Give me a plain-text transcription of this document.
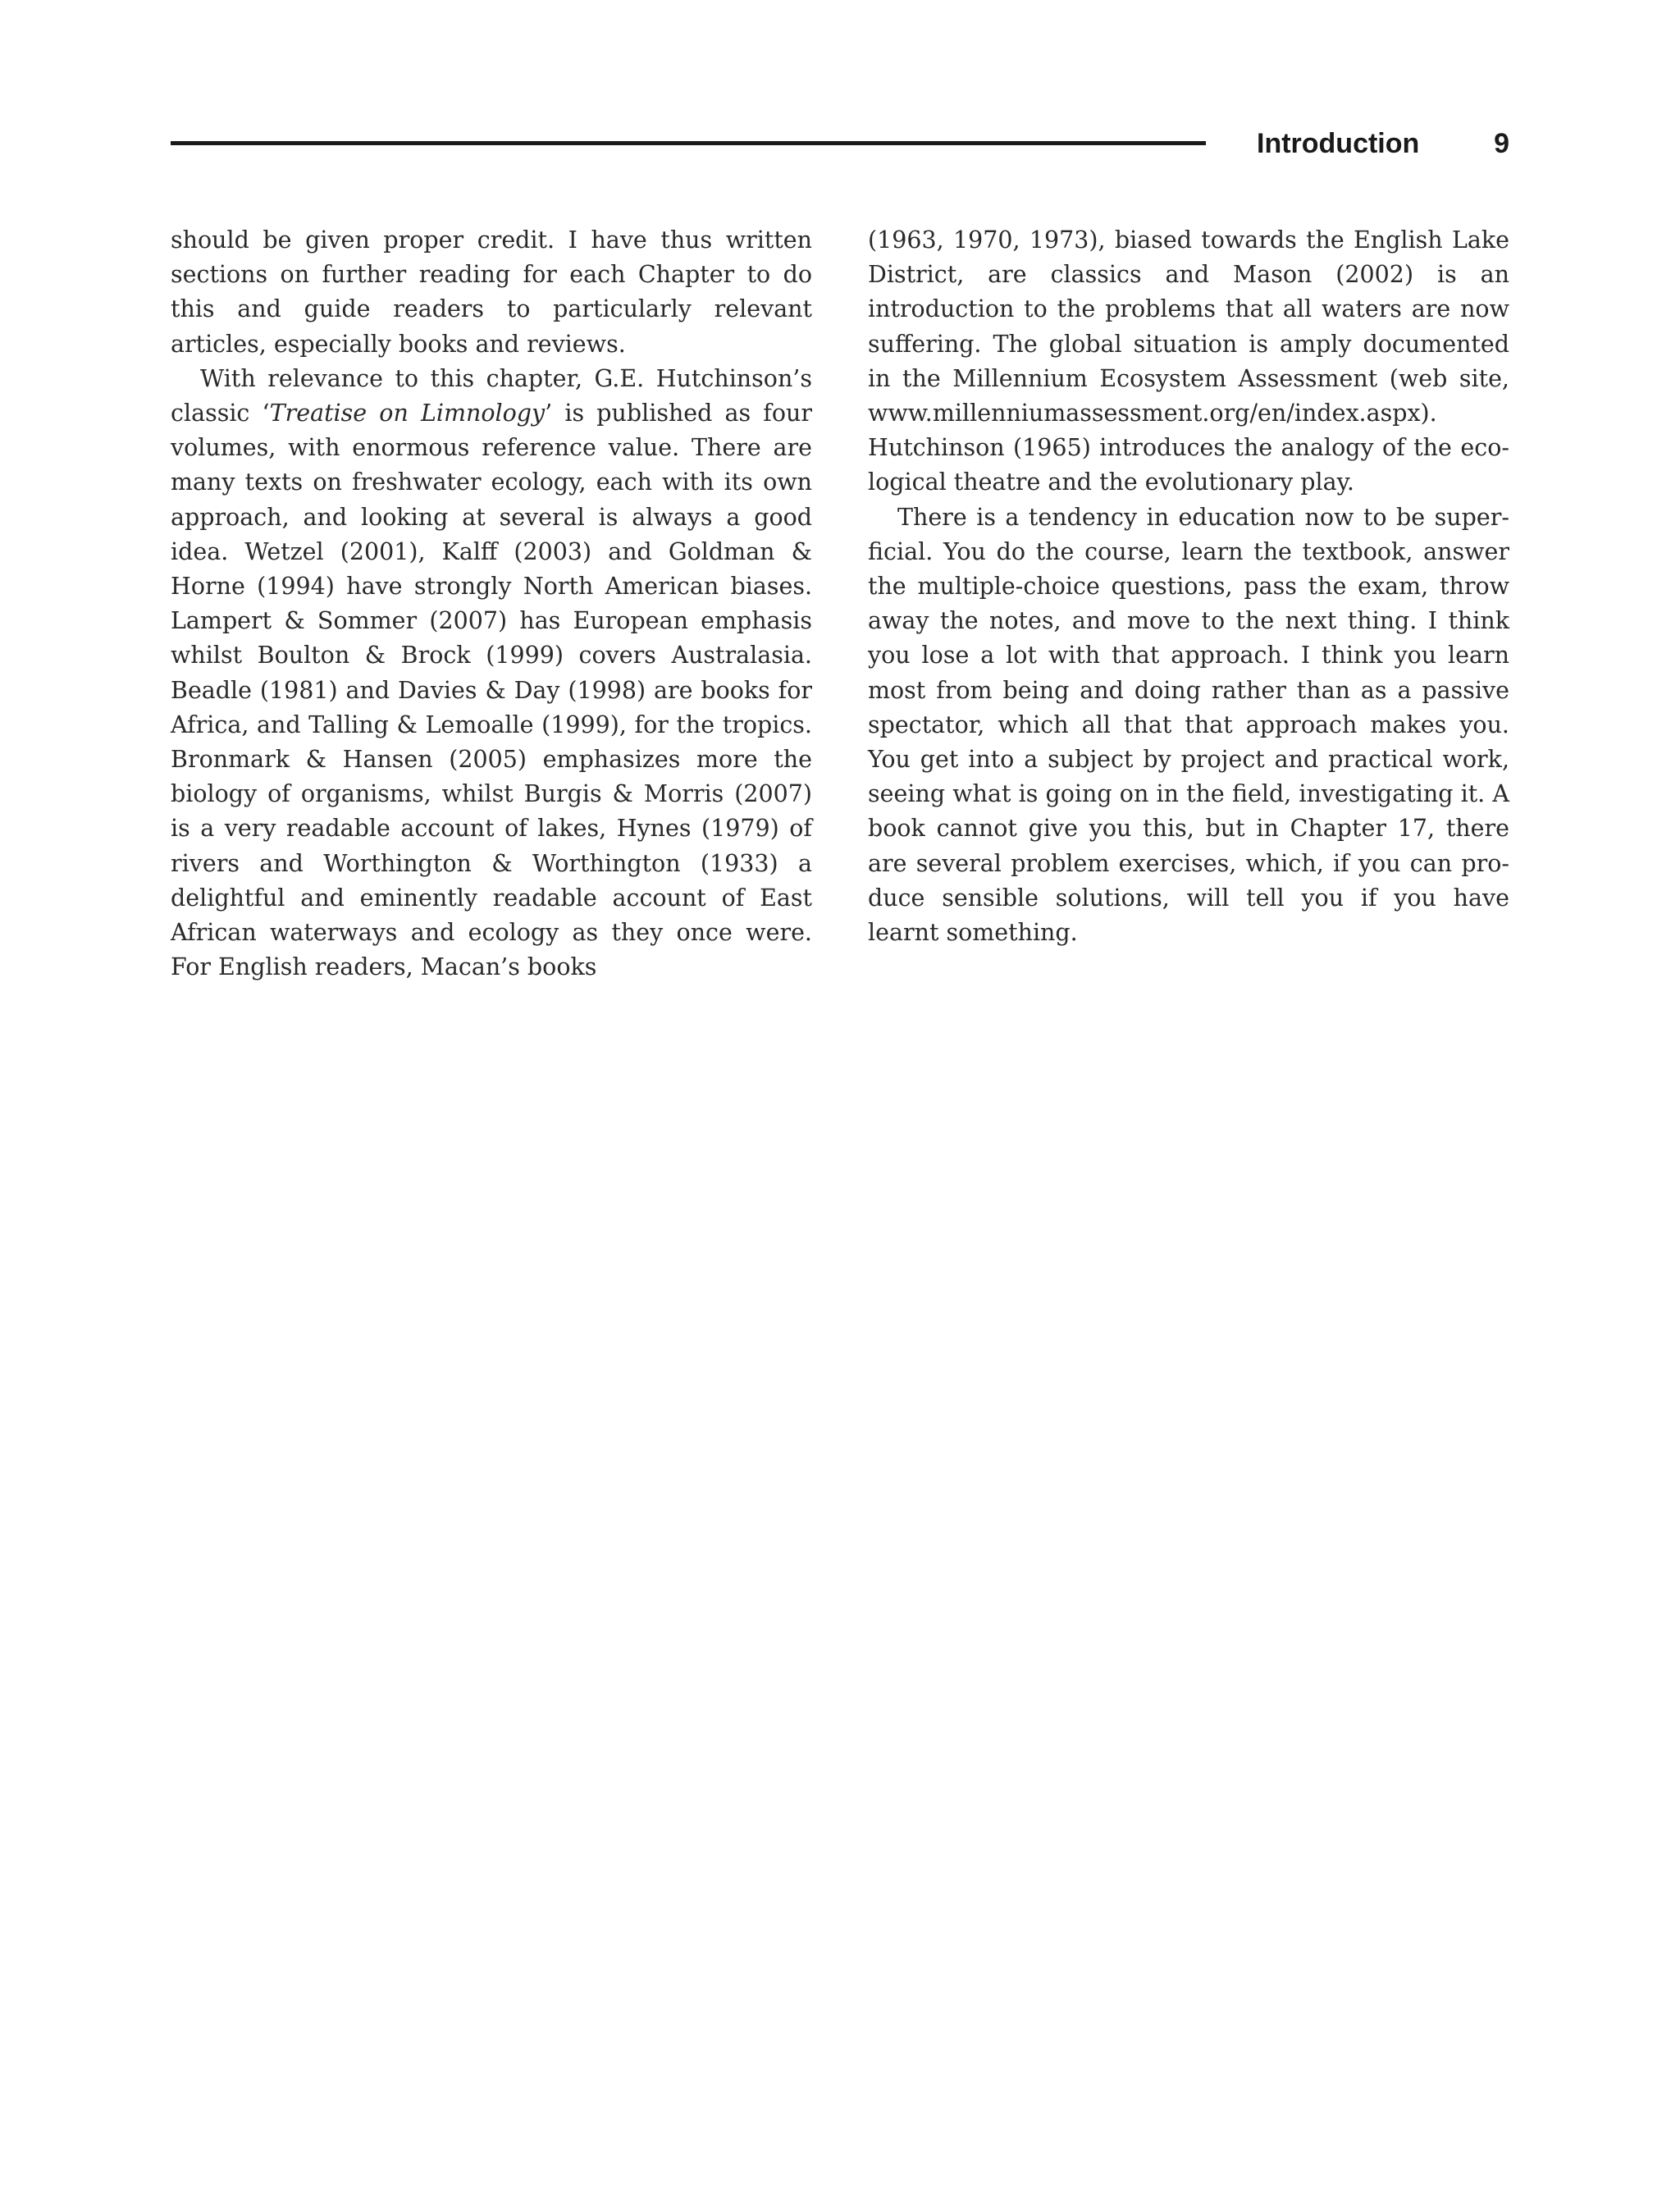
Introduction	9

should be given proper credit. I have thus written sections on further reading for each Chapter to do this and guide readers to particularly relevant articles, especially books and reviews.

With relevance to this chapter, G.E. Hutchinson’s classic ‘Treatise on Limnology’ is published as four volumes, with enormous reference value. There are many texts on freshwater ecology, each with its own approach, and looking at several is always a good idea. Wetzel (2001), Kalff (2003) and Goldman & Horne (1994) have strongly North American biases. Lampert & Sommer (2007) has European emphasis whilst Boulton & Brock (1999) covers Australasia. Beadle (1981) and Davies & Day (1998) are books for Africa, and Talling & Lemoalle (1999), for the tropics. Bronmark & Hansen (2005) emphasizes more the biology of organisms, whilst Burgis & Morris (2007) is a very readable account of lakes, Hynes (1979) of rivers and Worthington & Worthington (1933) a delightful and eminently readable account of East African waterways and ecology as they once were. For English readers, Macan’s books

(1963, 1970, 1973), biased towards the English Lake District, are classics and Mason (2002) is an introduction to the problems that all waters are now suffering. The global situation is amply documented in the Millennium Ecosystem Assessment (web site, www.millenniumassessment.org/en/index.aspx). Hutchinson (1965) introduces the analogy of the ecological theatre and the evolutionary play.

There is a tendency in education now to be superficial. You do the course, learn the textbook, answer the multiple-choice questions, pass the exam, throw away the notes, and move to the next thing. I think you lose a lot with that approach. I think you learn most from being and doing rather than as a passive spectator, which all that that approach makes you. You get into a subject by project and practical work, seeing what is going on in the field, investigating it. A book cannot give you this, but in Chapter 17, there are several problem exercises, which, if you can produce sensible solutions, will tell you if you have learnt something.
